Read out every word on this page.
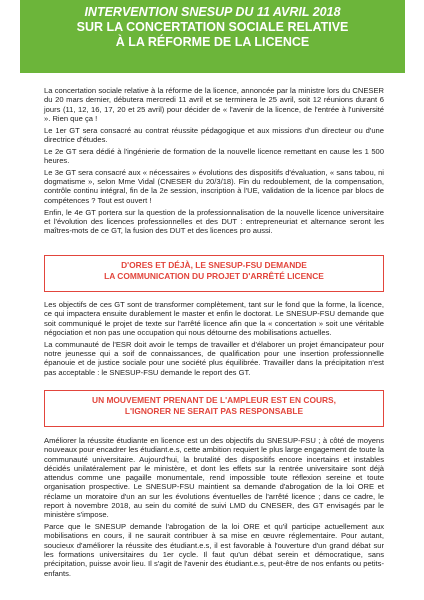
INTERVENTION SNESUP DU 11 AVRIL 2018
SUR LA CONCERTATION SOCIALE RELATIVE
À LA RÉFORME DE LA LICENCE

La concertation sociale relative à la réforme de la licence, annoncée par la ministre lors du CNESER du 20 mars dernier, débutera mercredi 11 avril et se terminera le 25 avril, soit 12 réunions durant 6 jours (11, 12, 16, 17, 20 et 25 avril) pour décider de « l'avenir de la licence, de l'entrée à l'université ». Rien que ça !

Le 1er GT sera consacré au contrat réussite pédagogique et aux missions d'un directeur ou d'une directrice d'études.

Le 2e GT sera dédié à l'ingénierie de formation de la nouvelle licence remettant en cause les 1 500 heures.

Le 3e GT sera consacré aux « nécessaires » évolutions des dispositifs d'évaluation, « sans tabou, ni dogmatisme », selon Mme Vidal (CNESER du 20/3/18). Fin du redoublement, de la compensation, contrôle continu intégral, fin de la 2e session, inscription à l'UE, validation de la licence par blocs de compétences ? Tout est ouvert !

Enfin, le 4e GT portera sur la question de la professionnalisation de la nouvelle licence universitaire et l'évolution des licences professionnelles et des DUT : entrepreneuriat et alternance seront les maîtres-mots de ce GT, la fusion des DUT et des licences pro aussi.

D'ORES ET DÉJÀ, LE SNESUP-FSU DEMANDE
LA COMMUNICATION DU PROJET D'ARRÊTÉ LICENCE

Les objectifs de ces GT sont de transformer complètement, tant sur le fond que la forme, la licence, ce qui impactera ensuite durablement le master et enfin le doctorat. Le SNESUP-FSU demande que soit communiqué le projet de texte sur l'arrêté licence afin que la « concertation » soit une véritable négociation et non pas une occupation qui nous détourne des mobilisations actuelles.

La communauté de l'ESR doit avoir le temps de travailler et d'élaborer un projet émancipateur pour notre jeunesse qui a soif de connaissances, de qualification pour une insertion professionnelle épanouie et de justice sociale pour une société plus équilibrée. Travailler dans la précipitation n'est pas acceptable : le SNESUP-FSU demande le report des GT.

UN MOUVEMENT PRENANT DE L'AMPLEUR EST EN COURS,
L'IGNORER NE SERAIT PAS RESPONSABLE

Améliorer la réussite étudiante en licence est un des objectifs du SNESUP-FSU ; à côté de moyens nouveaux pour encadrer les étudiant.e.s, cette ambition requiert le plus large engagement de toute la communauté universitaire. Aujourd'hui, la brutalité des dispositifs encore incertains et instables décidés unilatéralement par le ministère, et dont les effets sur la rentrée universitaire sont déjà attendus comme une pagaille monumentale, rend impossible toute réflexion sereine et toute organisation prospective. Le SNESUP-FSU maintient sa demande d'abrogation de la loi ORE et réclame un moratoire d'un an sur les évolutions éventuelles de l'arrêté licence ; dans ce cadre, le report à novembre 2018, au sein du comité de suivi LMD du CNESER, des GT envisagés par le ministère s'impose.

Parce que le SNESUP demande l'abrogation de la loi ORE et qu'il participe actuellement aux mobilisations en cours, il ne saurait contribuer à sa mise en œuvre réglementaire. Pour autant, soucieux d'améliorer la réussite des étudiant.e.s, il est favorable à l'ouverture d'un grand débat sur les formations universitaires du 1er cycle. Il faut qu'un débat serein et démocratique, sans précipitation, puisse avoir lieu. Il s'agit de l'avenir des étudiant.e.s, peut-être de nos enfants ou petits-enfants.
